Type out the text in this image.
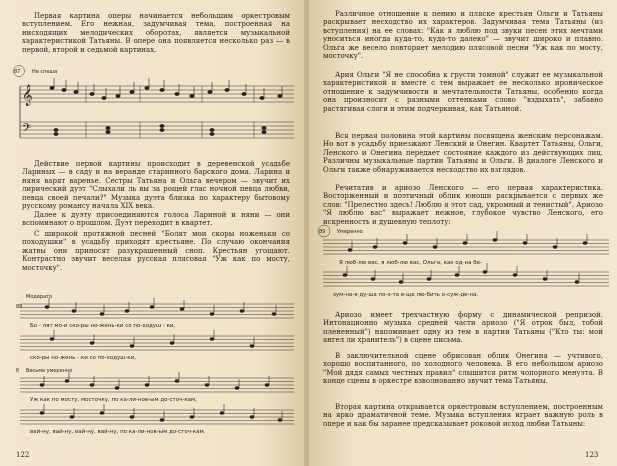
Первая картина оперы начинается небольшим оркестровым вступлением. Его нежная, задумчивая тема, построенная на нисходящих мелодических оборотах, является музыкальной характеристикой Татьяны. В опере она появляется несколько раз — в первой, второй и седьмой картинах.

87 Не спеша
𝄞
𝄢

Действие первой картины происходит в деревенской усадьбе Лариных — в саду и на веранде старинного барского дома. Ларина и няня варят варенье. Сестры Татьяна и Ольга вечером — звучит их лирический дуэт "Слыхали ль вы за рощей глас ночной певца любви, певца своей печали?" Музыка дуэта близка по характеру бытовому русскому романсу начала XIX века.

Далее к дуэту присоединяются голоса Лариной и няни — они вспоминают о прошлом. Дуэт переходит в квартет.

С широкой протяжной песней "Болят мои скоры ноженьки со походушки" в усадьбу приходят крестьяне. По случаю окончания жатвы они приносят разукрашенный сноп. Крестьян угощают. Контрастно звучит веселая русская плясовая "Уж как по мосту, мосточку".

Модерато
88
Бо - лят мо-и ско-ры но-жень-ки со по-ходуш - ки,
ско-ры но-жень - ки со по-ходуш-ки,
б Весьма умеренно
Уж как по мосту, мосточку, по ка-ли-нов-ым до-сточ-кам,
вай-ну, вай-ну, вай-ну, вай-ну, по ка-ли-нов-ым до-сточ-кам.
122

Различное отношение к пению и пляске крестьян Ольги и Татьяны раскрывает несходство их характеров. Задумчивая тема Татьяны (из вступления) на ее словах: "Как я люблю под звуки песен этих мечтами уноситься иногда куда-то, куда-то далеко" — звучит широко и плавно. Ольга же весело повторяет мелодию плясовой песни "Уж как по мосту, мосточку".

Ария Ольги "Я не способна к грусти томной" служит ее музыкальной характеристикой и вместе с тем выражает ее несколько ироническое отношение к задумчивости и мечтательности Татьяны, особенно когда она произносит с разными оттенками слово "вздыхать", забавно растягивая слоги и этим подчеркивая, как Татьяной.

Вся первая половина этой картины посвящена женским персонажам. Но вот в усадьбу приезжают Ленский и Онегин. Квартет Татьяны, Ольги, Ленского и Онегина передает состояние каждого из действующих лиц. Различны музыкальные партии Татьяны и Ольги. В диалоге Ленского и Ольги также обнаруживается несходство их взглядов.

Речитатив и ариозо Ленского — его первая характеристика. Восторженный и поэтичный облик юноши раскрывается с первых же слов: "Прелестно здесь! Люблю я этот сад, укромный и тенистый". Ариозо "Я люблю вас" выражает нежное, глубокое чувство Ленского, его искренность и душевную теплоту:

89 Умеренно
Я люб-лю вас, я люб-лю вас, Ольга, как од-на бе-
зум-на-я ду-ша по-э-та е-ще лю-бить о-суж-де-на.

Ариозо имеет трехчастную форму с динамической репризой. Интонационно музыка средней части ариозо ("Я отрок был, тобой плененный") напоминает одну из тем в партии Татьяны ("Кто ты: мой ангел ли хранитель") в сцене письма.

В заключительной сцене обрисован облик Онегина — учтивого, хорошо воспитанного, по холодного человека. В его небольшом ариозо "Мой дядя самых честных правил" слышится ритм чопорного менуэта. В конце сцены в оркестре взволнованно звучит тема Татьяны.

Вторая картина открывается оркестровым вступлением, построенным на ярко драматичной теме. Музыка вступления играет важную роль в опере и как бы заранее предсказывает роковой исход любви Татьяны:

123
